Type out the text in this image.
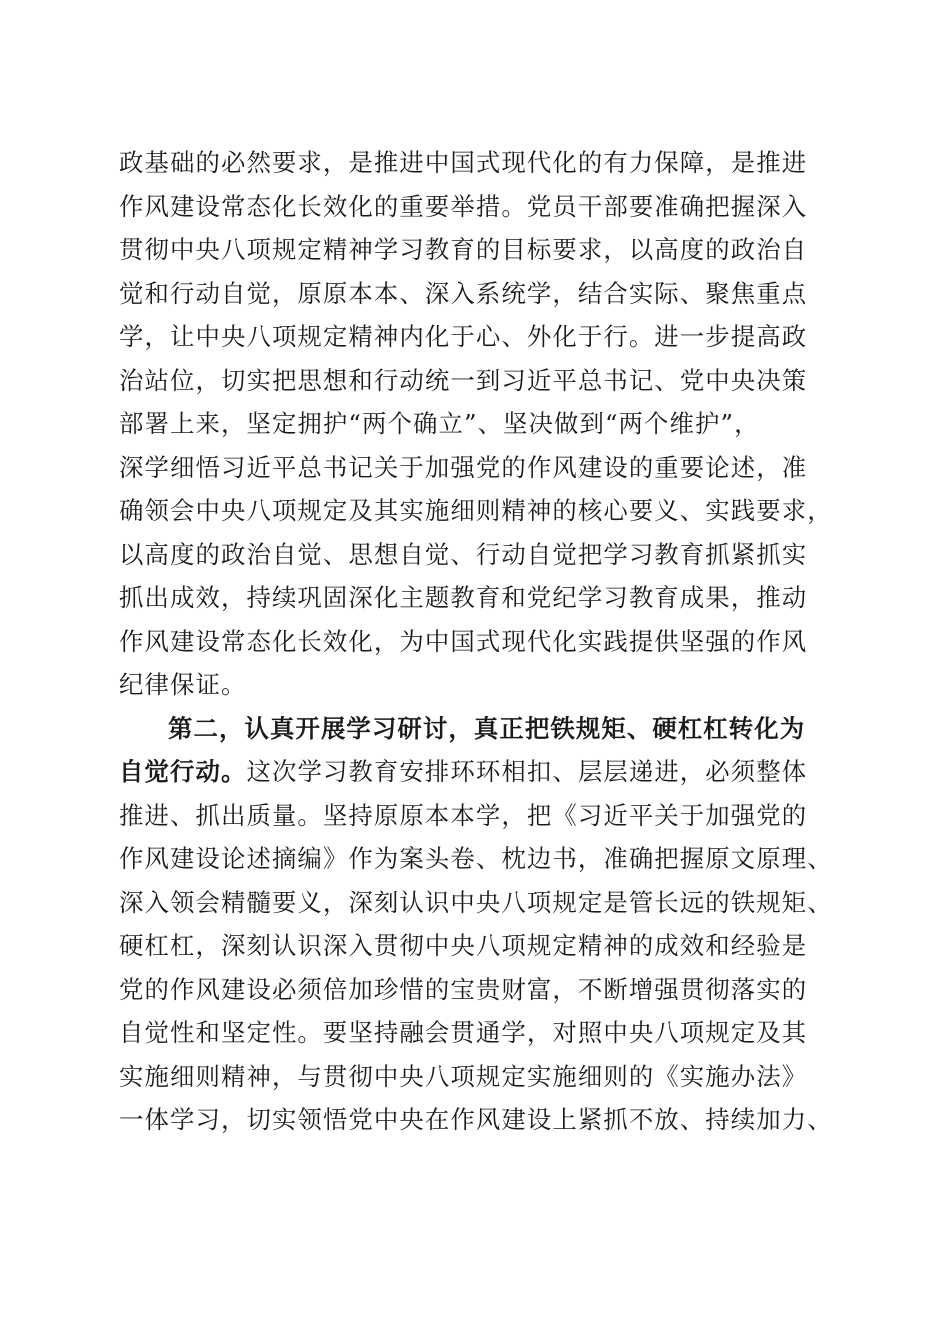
政基础的必然要求，是推进中国式现代化的有力保障，是推进
作风建设常态化长效化的重要举措。党员干部要准确把握深入
贯彻中央八项规定精神学习教育的目标要求，以高度的政治自
觉和行动自觉，原原本本、深入系统学，结合实际、聚焦重点
学，让中央八项规定精神内化于心、外化于行。进一步提高政
治站位，切实把思想和行动统一到习近平总书记、党中央决策
部署上来，坚定拥护“两个确立”、坚决做到“两个维护”，
深学细悟习近平总书记关于加强党的作风建设的重要论述，准
确领会中央八项规定及其实施细则精神的核心要义、实践要求，
以高度的政治自觉、思想自觉、行动自觉把学习教育抓紧抓实
抓出成效，持续巩固深化主题教育和党纪学习教育成果，推动
作风建设常态化长效化，为中国式现代化实践提供坚强的作风
纪律保证。
第二，认真开展学习研讨，真正把铁规矩、硬杠杠转化为
自觉行动。这次学习教育安排环环相扣、层层递进，必须整体
推进、抓出质量。坚持原原本本学，把《习近平关于加强党的
作风建设论述摘编》作为案头卷、枕边书，准确把握原文原理、
深入领会精髓要义，深刻认识中央八项规定是管长远的铁规矩、
硬杠杠，深刻认识深入贯彻中央八项规定精神的成效和经验是
党的作风建设必须倍加珍惜的宝贵财富，不断增强贯彻落实的
自觉性和坚定性。要坚持融会贯通学，对照中央八项规定及其
实施细则精神，与贯彻中央八项规定实施细则的《实施办法》
一体学习，切实领悟党中央在作风建设上紧抓不放、持续加力、
